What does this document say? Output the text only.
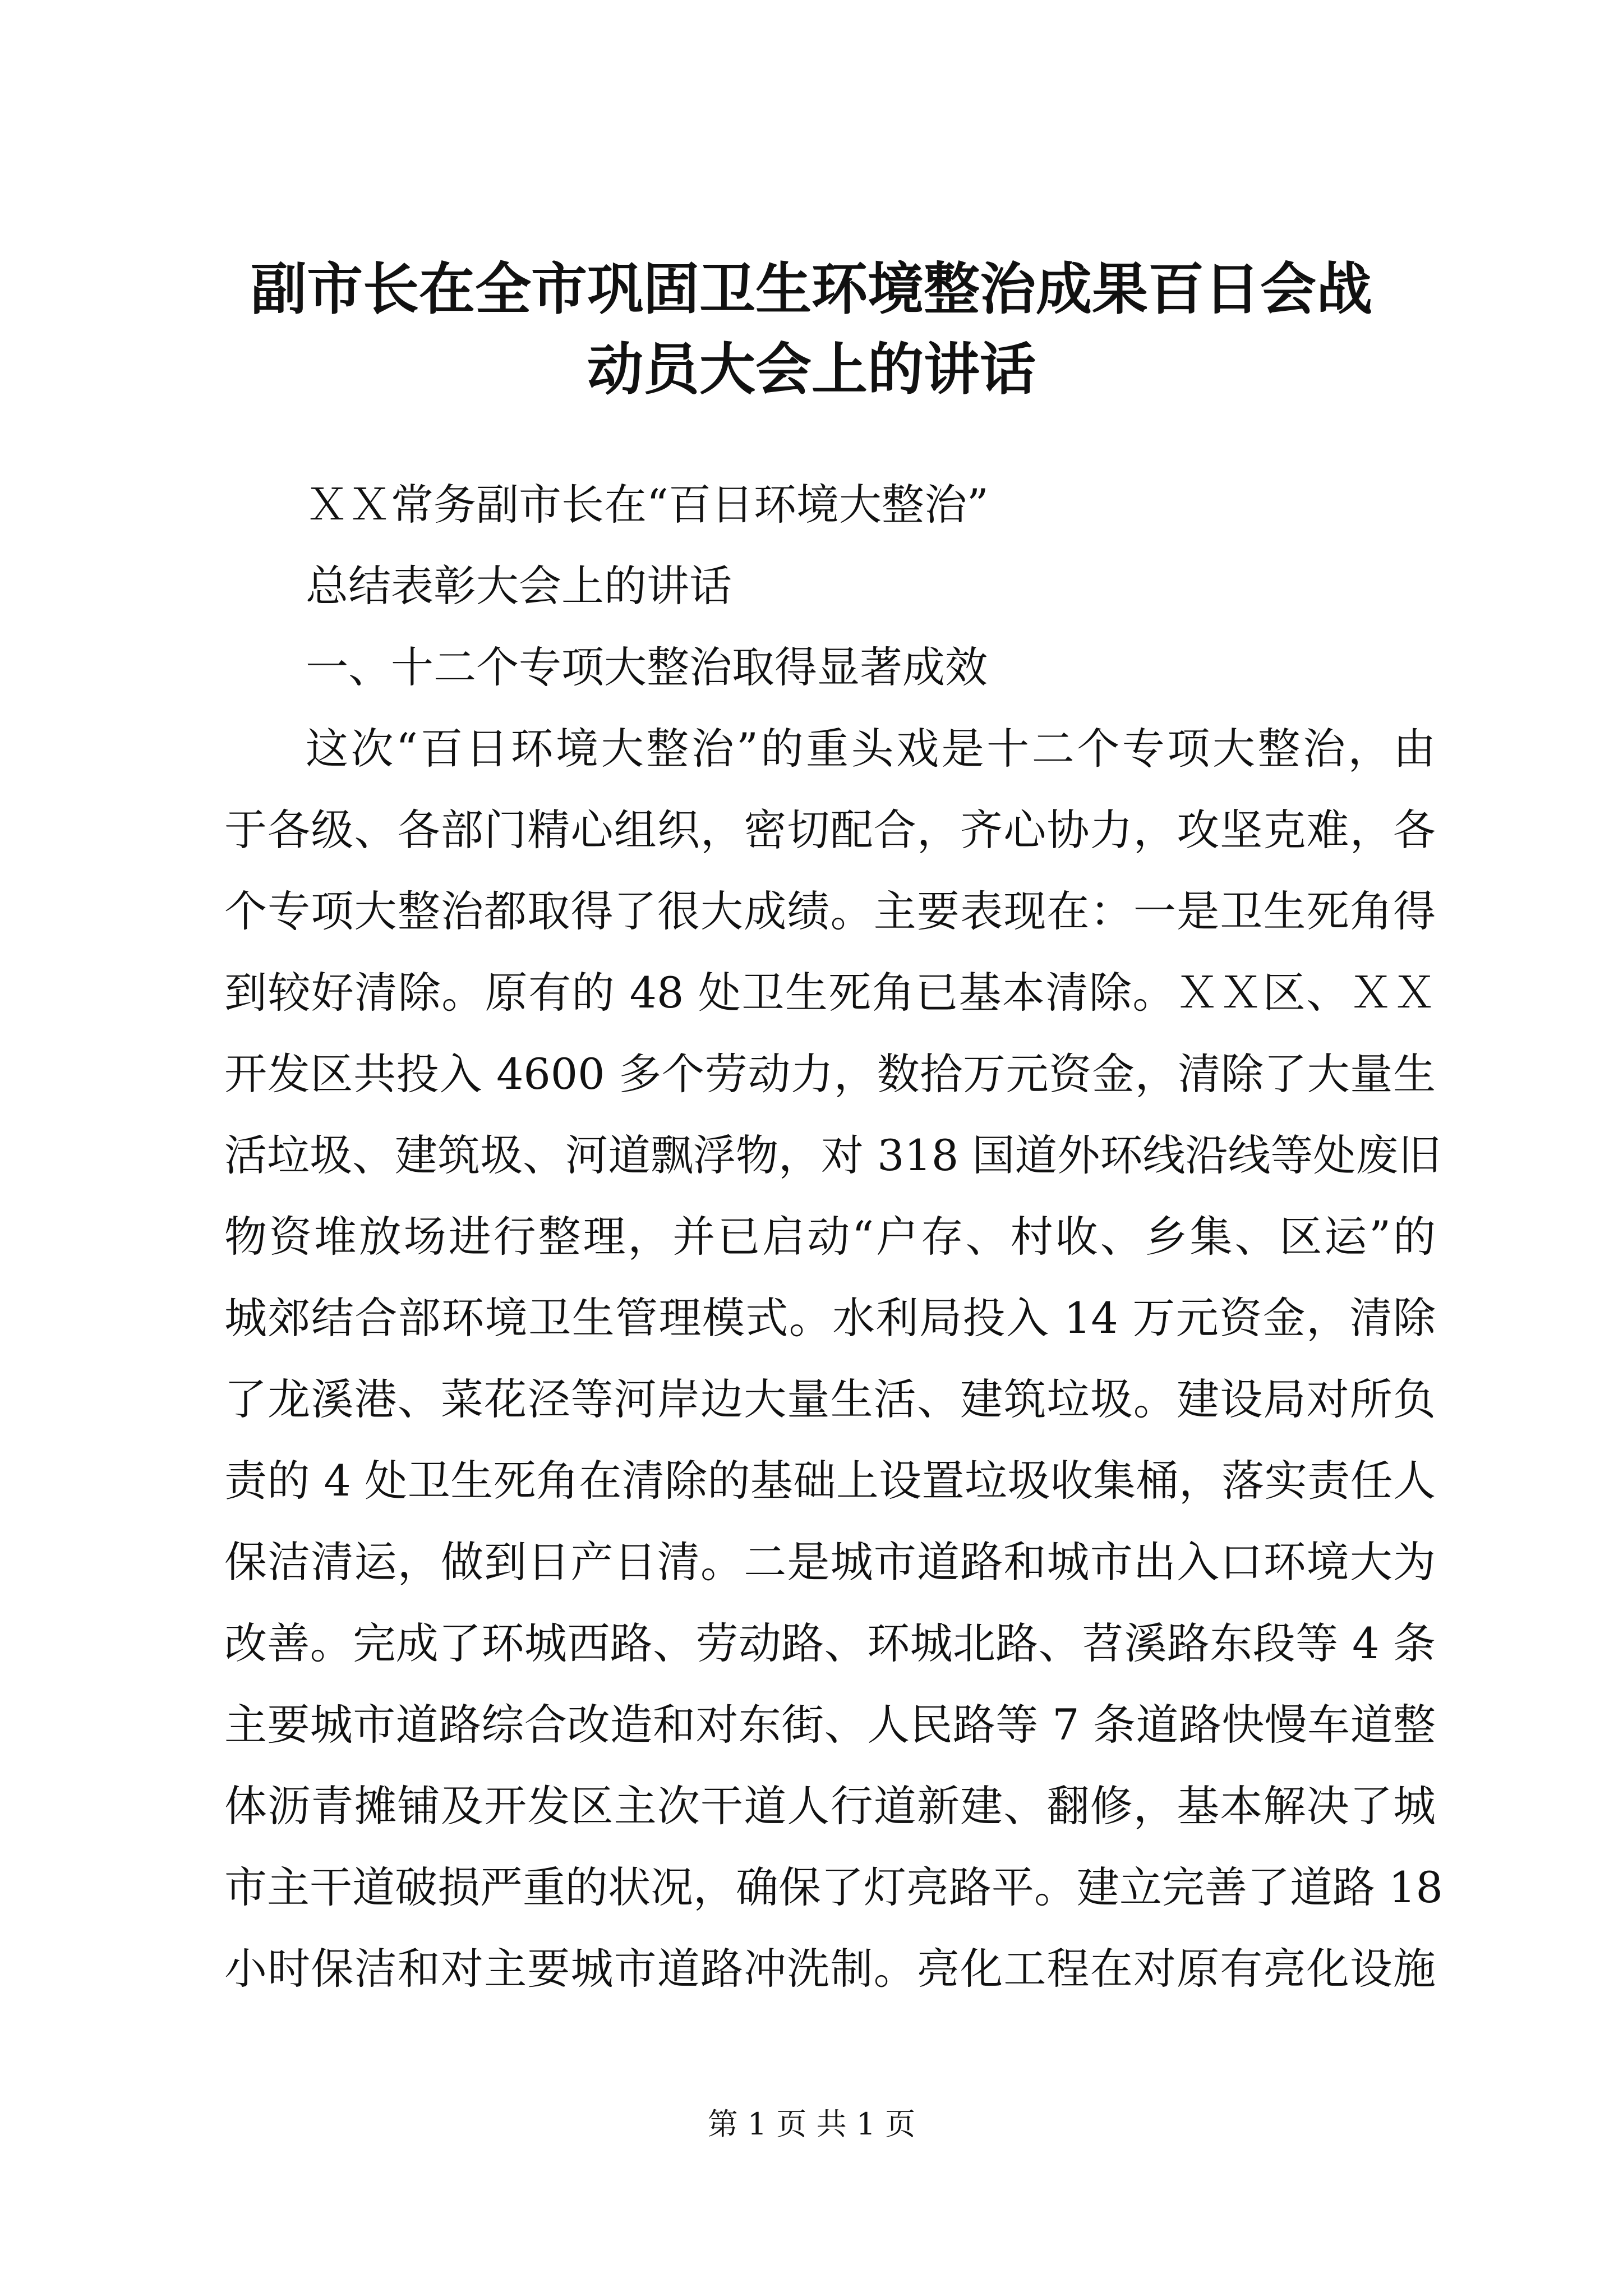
副市长在全市巩固卫生环境整治成果百日会战
动员大会上的讲话

ＸＸ常务副市长在“百日环境大整治”

总结表彰大会上的讲话

一、十二个专项大整治取得显著成效

这次“百日环境大整治”的重头戏是十二个专项大整治，由

于各级、各部门精心组织，密切配合，齐心协力，攻坚克难，各

个专项大整治都取得了很大成绩。主要表现在：一是卫生死角得

到较好清除。原有的 48 处卫生死角已基本清除。ＸＸ区、ＸＸ

开发区共投入 4600 多个劳动力，数拾万元资金，清除了大量生

活垃圾、建筑圾、河道飘浮物，对 318 国道外环线沿线等处废旧

物资堆放场进行整理，并已启动“户存、村收、乡集、区运”的

城郊结合部环境卫生管理模式。水利局投入 14 万元资金，清除

了龙溪港、菜花泾等河岸边大量生活、建筑垃圾。建设局对所负

责的 4 处卫生死角在清除的基础上设置垃圾收集桶，落实责任人

保洁清运，做到日产日清。二是城市道路和城市出入口环境大为

改善。完成了环城西路、劳动路、环城北路、苕溪路东段等 4 条

主要城市道路综合改造和对东街、人民路等 7 条道路快慢车道整

体沥青摊铺及开发区主次干道人行道新建、翻修，基本解决了城

市主干道破损严重的状况，确保了灯亮路平。建立完善了道路 18

小时保洁和对主要城市道路冲洗制。亮化工程在对原有亮化设施

第 1 页 共 1 页
